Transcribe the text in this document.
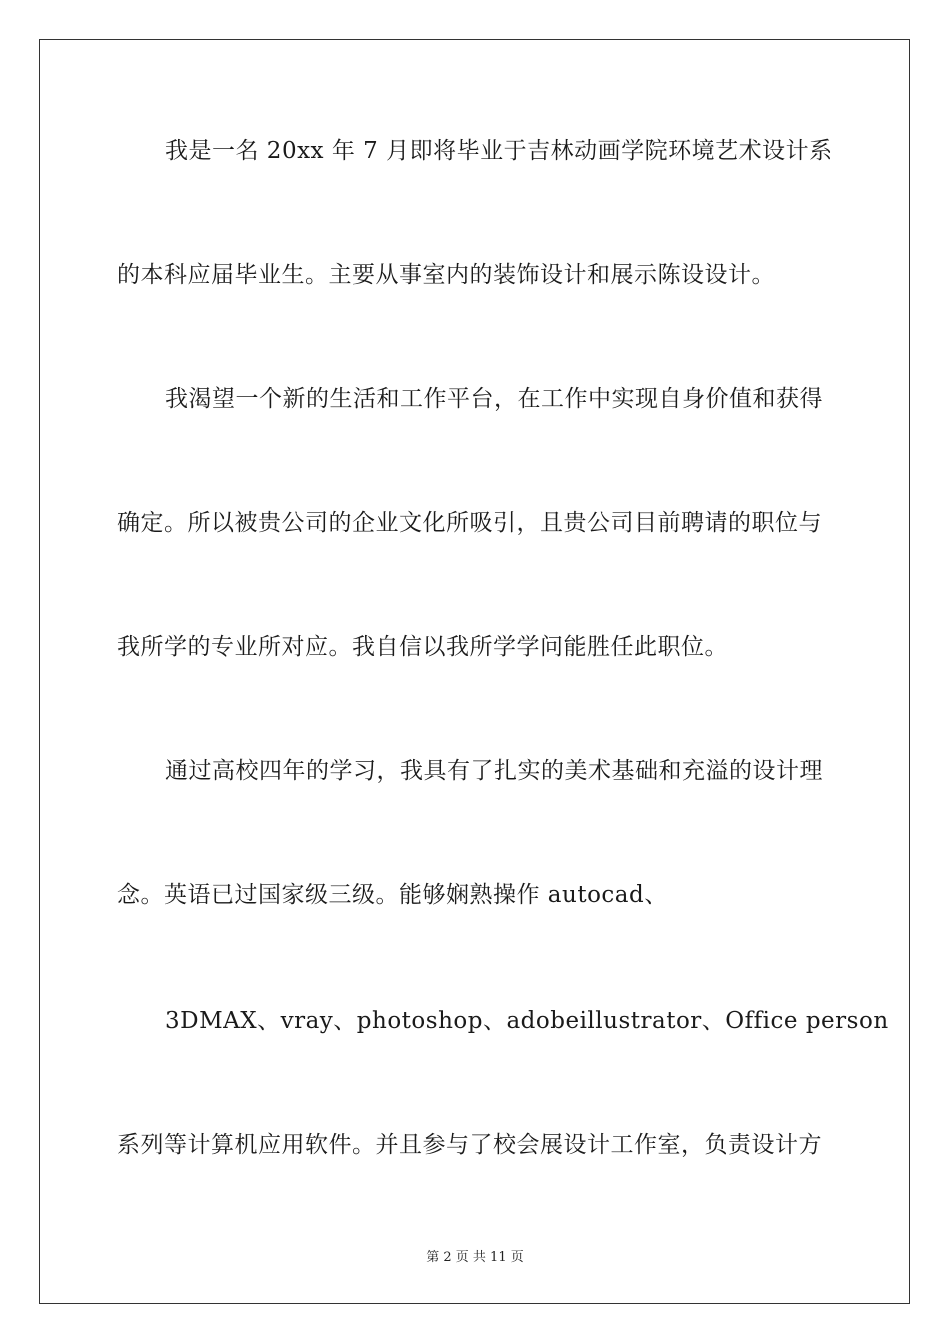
我是一名 20xx 年 7 月即将毕业于吉林动画学院环境艺术设计系
的本科应届毕业生。主要从事室内的装饰设计和展示陈设设计。
我渴望一个新的生活和工作平台，在工作中实现自身价值和获得
确定。所以被贵公司的企业文化所吸引，且贵公司目前聘请的职位与
我所学的专业所对应。我自信以我所学学问能胜任此职位。
通过高校四年的学习，我具有了扎实的美术基础和充溢的设计理
念。英语已过国家级三级。能够娴熟操作 autocad、
3DMAX、vray、photoshop、adobeillustrator、Office person
系列等计算机应用软件。并且参与了校会展设计工作室，负责设计方
第 2 页 共 11 页
